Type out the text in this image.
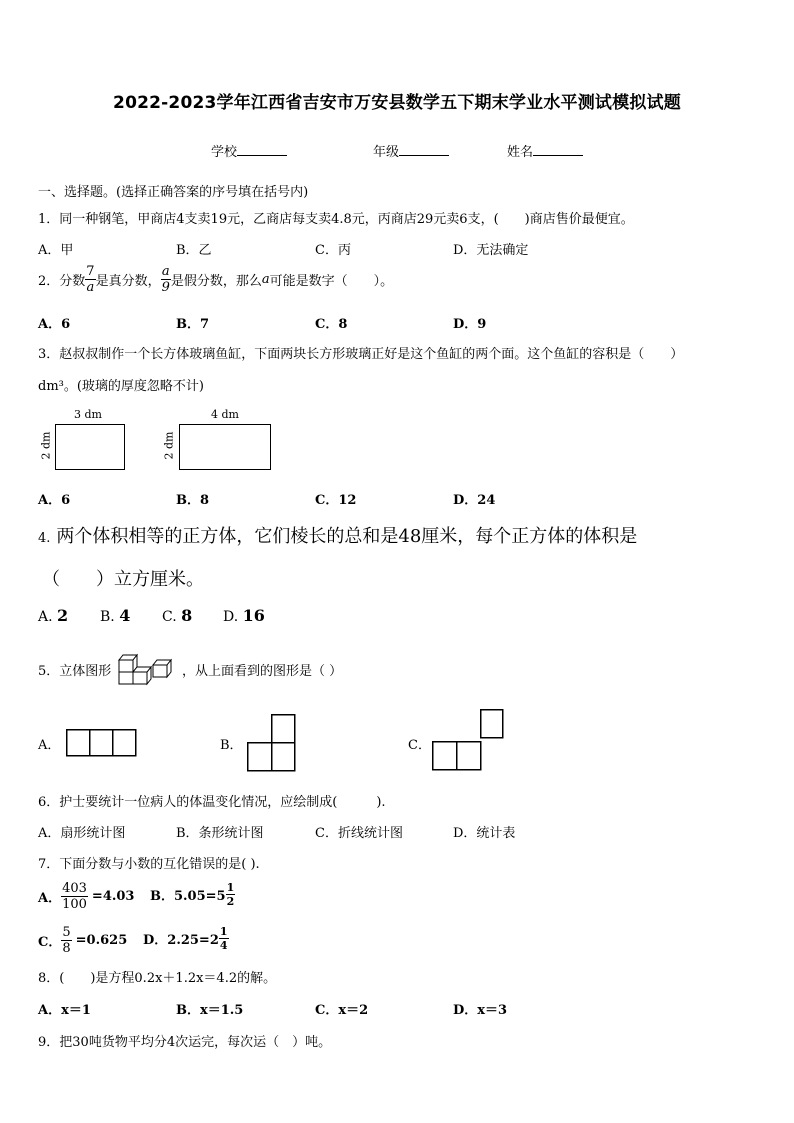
2022-2023学年江西省吉安市万安县数学五下期末学业水平测试模拟试题
学校	年级	姓名
一、选择题。(选择正确答案的序号填在括号内)
1．同一种钢笔，甲商店4支卖19元，乙商店每支卖4.8元，丙商店29元卖6支，(　　)商店售价最便宜。
A．甲	B．乙	C．丙	D．无法确定
2．分数 $\frac{7}{a}$ 是真分数， $\frac{a}{9}$ 是假分数，那么 a 可能是数字（　　）。
A．6	B．7	C．8	D．9
3．赵叔叔制作一个长方体玻璃鱼缸，下面两块长方形玻璃正好是这个鱼缸的两个面。这个鱼缸的容积是（　　）
dm³。(玻璃的厚度忽略不计)
3 dm
2 dm
4 dm
2 dm
A．6	B．8	C．12	D．24
4. 两个体积相等的正方体，它们棱长的总和是48厘米，每个正方体的体积是
（　　）立方厘米。
A. 2 B. 4 C. 8 D. 16
5．立体图形	，从上面看到的图形是（ ）
A．	B．	C．
6．护士要统计一位病人的体温变化情况，应绘制成(　　　).
A．扇形统计图	B．条形统计图	C．折线统计图	D．统计表
7．下面分数与小数的互化错误的是( ).
A． $\frac{403}{100} =4.03$ B．$5.05=5 \frac{1}{2}$
C． $\frac{5}{8} =0.625$ D．$2.25=2 \frac{1}{4}$
8．(　　)是方程0.2x＋1.2x＝4.2的解。
A．x＝1	B．x＝1.5	C．x＝2	D．x＝3
9．把30吨货物平均分4次运完，每次运（　）吨。
